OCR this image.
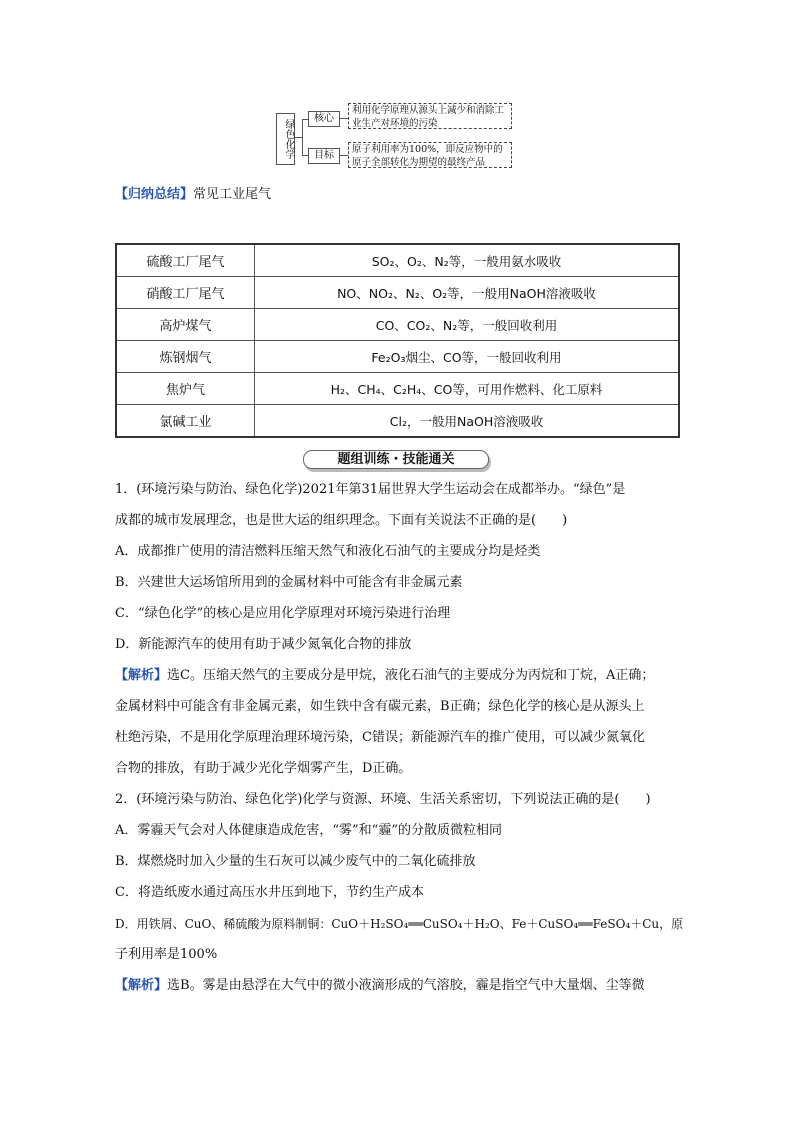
绿色化学
核心
目标
利用化学原理从源头上减少和消除工业生产对环境的污染
原子利用率为100%，即反应物中的原子全部转化为期望的最终产品
【归纳总结】常见工业尾气
硫酸工厂尾气	SO₂、O₂、N₂等，一般用氨水吸收
硝酸工厂尾气	NO、NO₂、N₂、O₂等，一般用NaOH溶液吸收
高炉煤气	CO、CO₂、N₂等，一般回收利用
炼钢烟气	Fe₂O₃烟尘、CO等，一般回收利用
焦炉气	H₂、CH₄、C₂H₄、CO等，可用作燃料、化工原料
氯碱工业	Cl₂，一般用NaOH溶液吸收
题组训练・技能通关
1．(环境污染与防治、绿色化学)2021年第31届世界大学生运动会在成都举办。“绿色”是
成都的城市发展理念，也是世大运的组织理念。下面有关说法不正确的是(　　)
A．成都推广使用的清洁燃料压缩天然气和液化石油气的主要成分均是烃类
B．兴建世大运场馆所用到的金属材料中可能含有非金属元素
C．“绿色化学”的核心是应用化学原理对环境污染进行治理
D．新能源汽车的使用有助于减少氮氧化合物的排放
【解析】选C。压缩天然气的主要成分是甲烷，液化石油气的主要成分为丙烷和丁烷，A正确；
金属材料中可能含有非金属元素，如生铁中含有碳元素，B正确；绿色化学的核心是从源头上
杜绝污染，不是用化学原理治理环境污染，C错误；新能源汽车的推广使用，可以减少氮氧化
合物的排放，有助于减少光化学烟雾产生，D正确。
2．(环境污染与防治、绿色化学)化学与资源、环境、生活关系密切，下列说法正确的是(　　)
A．雾霾天气会对人体健康造成危害，“雾”和“霾”的分散质微粒相同
B．煤燃烧时加入少量的生石灰可以减少废气中的二氧化硫排放
C．将造纸废水通过高压水井压到地下，节约生产成本
D．用铁屑、CuO、稀硫酸为原料制铜：CuO＋H₂SO₄══CuSO₄＋H₂O、Fe＋CuSO₄══FeSO₄＋Cu，原
子利用率是100%
【解析】选B。雾是由悬浮在大气中的微小液滴形成的气溶胶，霾是指空气中大量烟、尘等微
